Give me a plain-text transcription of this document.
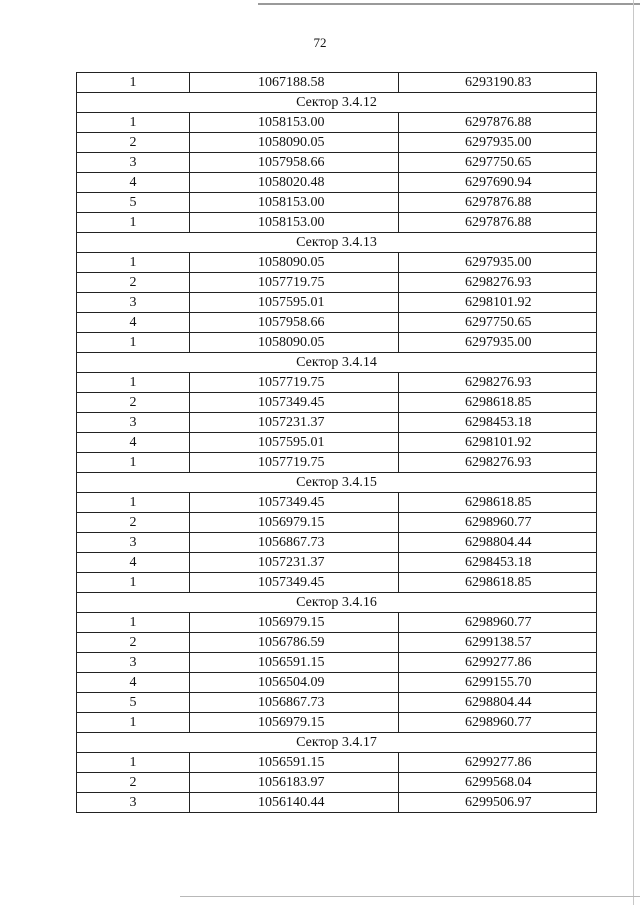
72
1	1067188.58	6293190.83
Сектор 3.4.12		
1	1058153.00	6297876.88
2	1058090.05	6297935.00
3	1057958.66	6297750.65
4	1058020.48	6297690.94
5	1058153.00	6297876.88
1	1058153.00	6297876.88
Сектор 3.4.13		
1	1058090.05	6297935.00
2	1057719.75	6298276.93
3	1057595.01	6298101.92
4	1057958.66	6297750.65
1	1058090.05	6297935.00
Сектор 3.4.14		
1	1057719.75	6298276.93
2	1057349.45	6298618.85
3	1057231.37	6298453.18
4	1057595.01	6298101.92
1	1057719.75	6298276.93
Сектор 3.4.15		
1	1057349.45	6298618.85
2	1056979.15	6298960.77
3	1056867.73	6298804.44
4	1057231.37	6298453.18
1	1057349.45	6298618.85
Сектор 3.4.16		
1	1056979.15	6298960.77
2	1056786.59	6299138.57
3	1056591.15	6299277.86
4	1056504.09	6299155.70
5	1056867.73	6298804.44
1	1056979.15	6298960.77
Сектор 3.4.17		
1	1056591.15	6299277.86
2	1056183.97	6299568.04
3	1056140.44	6299506.97
